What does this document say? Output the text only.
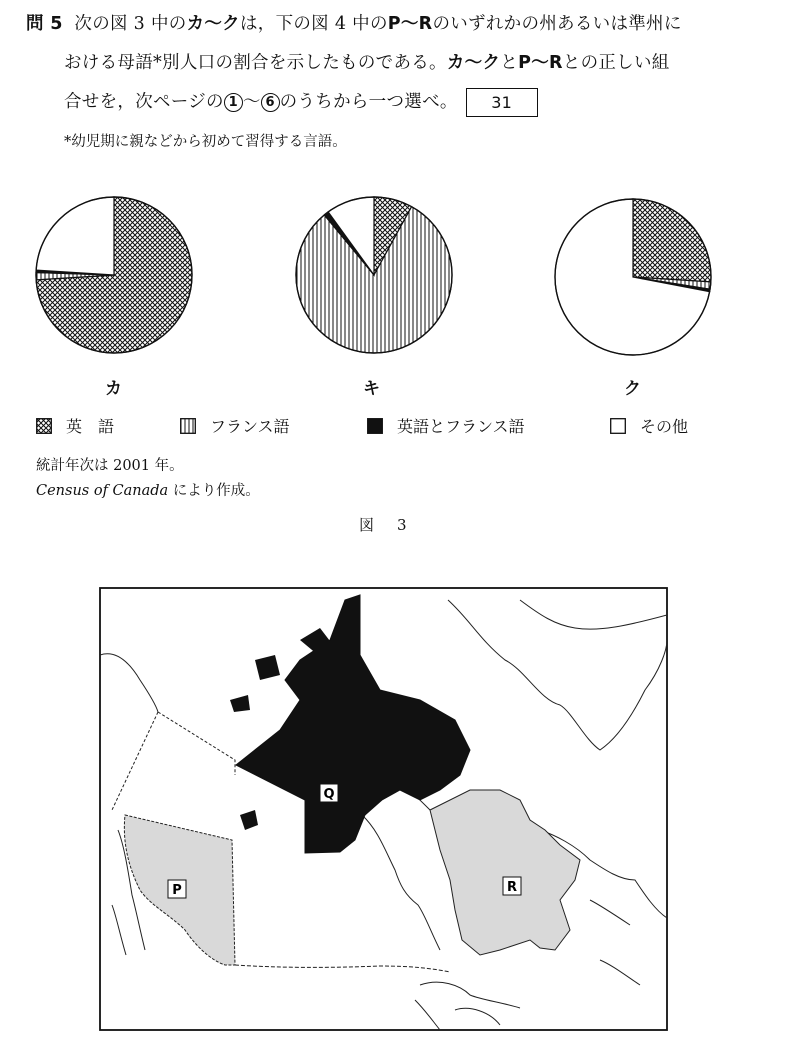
問 5 次の図 3 中のカ〜クは，下の図 4 中のP〜Rのいずれかの州あるいは準州に
おける母語*別人口の割合を示したものである。カ〜クとP〜Rとの正しい組
合せを，次ページの 1 〜 6 のうちから一つ選べ。 31
*幼児期に親などから初めて習得する言語。
カ	キ	ク
英　語	フランス語	英語とフランス語	その他
統計年次は 2001 年。
Census of Canada により作成。
図　3
P
Q
R
